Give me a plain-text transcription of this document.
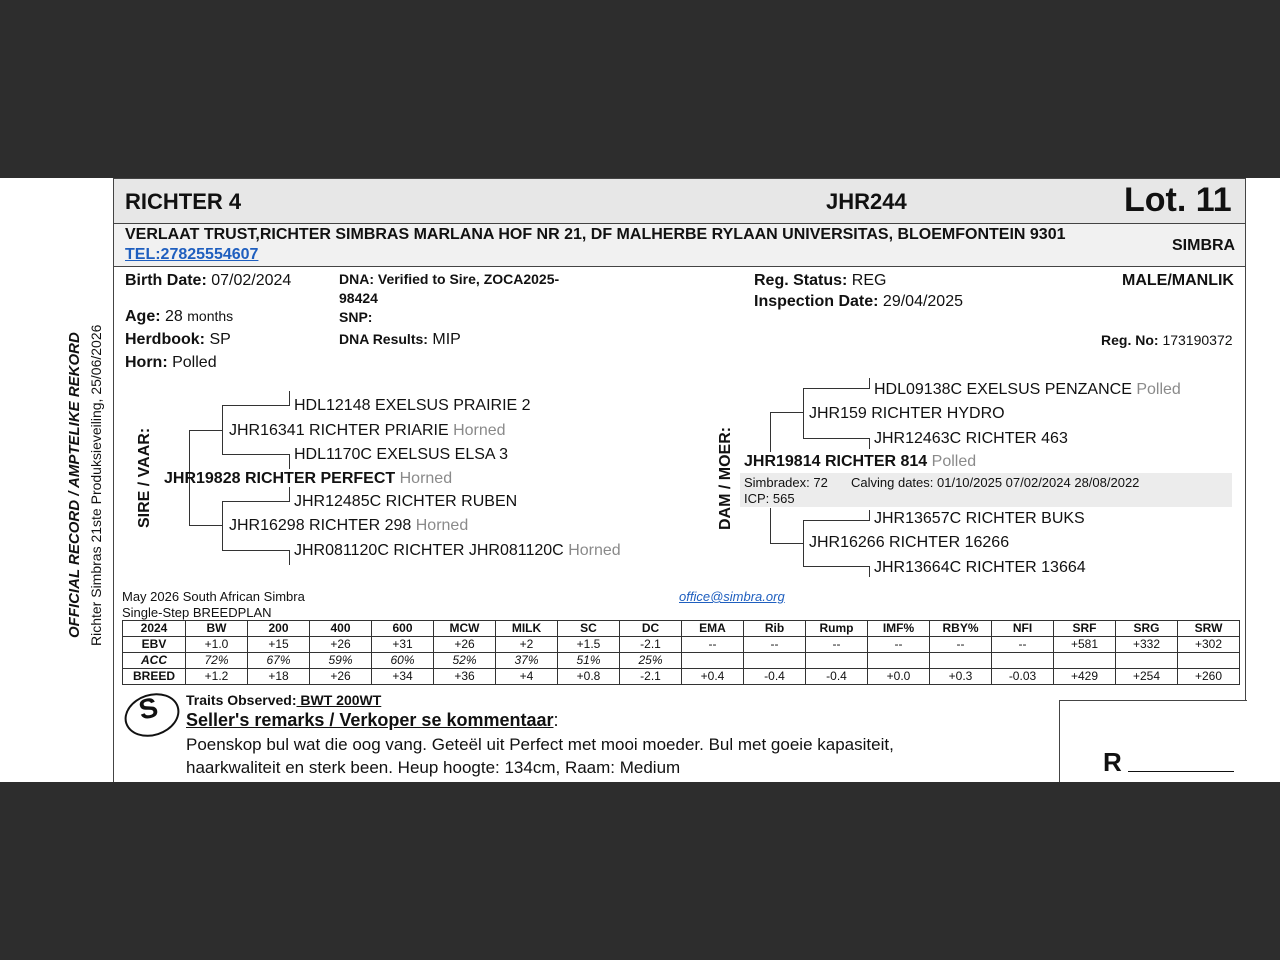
OFFICIAL RECORD / AMPTELIKE REKORD Richter Simbras 21ste Produksieveiling, 25/06/2026
RICHTER 4	JHR244	Lot. 11
VERLAAT TRUST,RICHTER SIMBRAS MARLANA HOF NR 21, DF MALHERBE RYLAAN UNIVERSITAS, BLOEMFONTEIN 9301
TEL:27825554607
SIMBRA
Birth Date: 07/02/2024
Age: 28 months
Herdbook: SP
Horn: Polled
DNA: Verified to Sire, ZOCA2025-
98424
SNP:
DNA Results: MIP
Reg. Status: REG
Inspection Date: 29/04/2025
MALE/MANLIK
Reg. No: 173190372
SIRE / VAAR:	DAM / MOER:
HDL12148 EXELSUS PRAIRIE 2
JHR16341 RICHTER PRIARIE Horned
HDL1170C EXELSUS ELSA 3
JHR19828 RICHTER PERFECT Horned
JHR12485C RICHTER RUBEN
JHR16298 RICHTER 298 Horned
JHR081120C RICHTER JHR081120C Horned
HDL09138C EXELSUS PENZANCE Polled
JHR159 RICHTER HYDRO
JHR12463C RICHTER 463
JHR19814 RICHTER 814 Polled
Simbradex: 72 Calving dates: 01/10/2025 07/02/2024 28/08/2022
ICP: 565
JHR13657C RICHTER BUKS
JHR16266 RICHTER 16266
JHR13664C RICHTER 13664
May 2026 South African Simbra
Single-Step BREEDPLAN
office@simbra.org
2024	BW	200	400	600	MCW	MILK	SC	DC	EMA	Rib	Rump	IMF%	RBY%	NFI	SRF	SRG	SRW
EBV	+1.0	+15	+26	+31	+26	+2	+1.5	-2.1	--	--	--	--	--	--	+581	+332	+302
ACC	72%	67%	59%	60%	52%	37%	51%	25%									
BREED	+1.2	+18	+26	+34	+36	+4	+0.8	-2.1	+0.4	-0.4	-0.4	+0.0	+0.3	-0.03	+429	+254	+260
S Traits Observed: BWT 200WT
Seller's remarks / Verkoper se kommentaar:
Poenskop bul wat die oog vang. Geteël uit Perfect met mooi moeder. Bul met goeie kapasiteit,
haarkwaliteit en sterk been. Heup hoogte: 134cm, Raam: Medium	R
